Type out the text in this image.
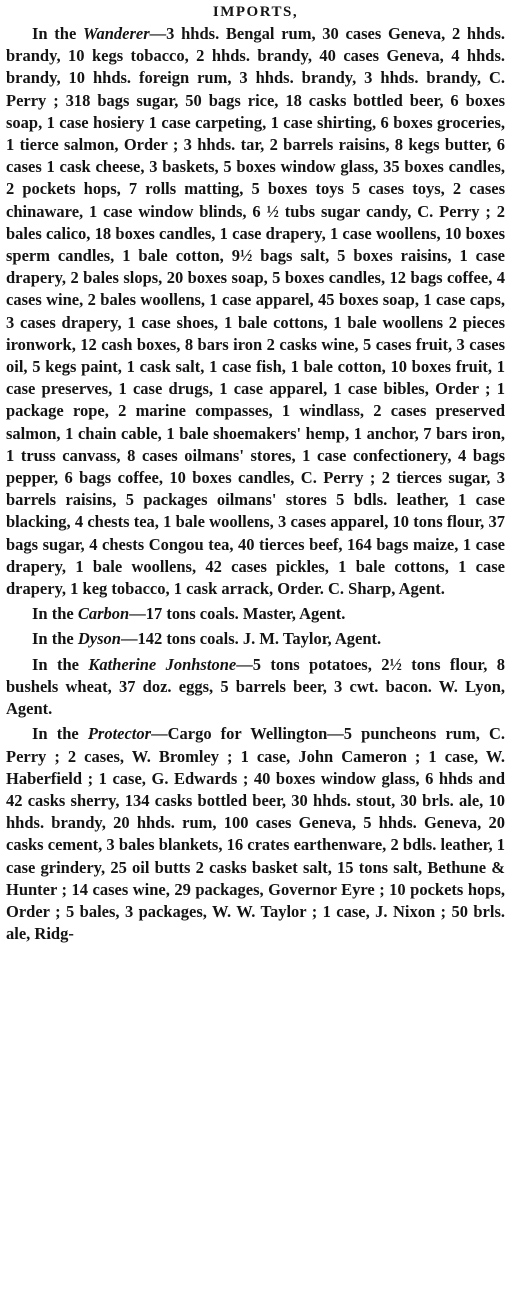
IMPORTS,

In the Wanderer—3 hhds. Bengal rum, 30 cases Geneva, 2 hhds. brandy, 10 kegs tobacco, 2 hhds. brandy, 40 cases Geneva, 4 hhds. brandy, 10 hhds. foreign rum, 3 hhds. brandy, 3 hhds. brandy, C. Perry ; 318 bags sugar, 50 bags rice, 18 casks bottled beer, 6 boxes soap, 1 case hosiery 1 case carpeting, 1 case shirting, 6 boxes groceries, 1 tierce salmon, Order ; 3 hhds. tar, 2 barrels raisins, 8 kegs butter, 6 cases 1 cask cheese, 3 baskets, 5 boxes window glass, 35 boxes candles, 2 pockets hops, 7 rolls matting, 5 boxes toys 5 cases toys, 2 cases chinaware, 1 case window blinds, 6 ½ tubs sugar candy, C. Perry ; 2 bales calico, 18 boxes candles, 1 case drapery, 1 case woollens, 10 boxes sperm candles, 1 bale cotton, 9½ bags salt, 5 boxes raisins, 1 case drapery, 2 bales slops, 20 boxes soap, 5 boxes candles, 12 bags coffee, 4 cases wine, 2 bales woollens, 1 case apparel, 45 boxes soap, 1 case caps, 3 cases drapery, 1 case shoes, 1 bale cottons, 1 bale woollens 2 pieces ironwork, 12 cash boxes, 8 bars iron 2 casks wine, 5 cases fruit, 3 cases oil, 5 kegs paint, 1 cask salt, 1 case fish, 1 bale cotton, 10 boxes fruit, 1 case preserves, 1 case drugs, 1 case apparel, 1 case bibles, Order ; 1 package rope, 2 marine compasses, 1 windlass, 2 cases preserved salmon, 1 chain cable, 1 bale shoemakers' hemp, 1 anchor, 7 bars iron, 1 truss canvass, 8 cases oilmans' stores, 1 case confectionery, 4 bags pepper, 6 bags coffee, 10 boxes candles, C. Perry ; 2 tierces sugar, 3 barrels raisins, 5 packages oilmans' stores 5 bdls. leather, 1 case blacking, 4 chests tea, 1 bale woollens, 3 cases apparel, 10 tons flour, 37 bags sugar, 4 chests Congou tea, 40 tierces beef, 164 bags maize, 1 case drapery, 1 bale woollens, 42 cases pickles, 1 bale cottons, 1 case drapery, 1 keg tobacco, 1 cask arrack, Order. C. Sharp, Agent.

In the Carbon—17 tons coals. Master, Agent.

In the Dyson—142 tons coals. J. M. Taylor, Agent.

In the Katherine Jonhstone—5 tons potatoes, 2½ tons flour, 8 bushels wheat, 37 doz. eggs, 5 barrels beer, 3 cwt. bacon. W. Lyon, Agent.

In the Protector—Cargo for Wellington—5 puncheons rum, C. Perry ; 2 cases, W. Bromley ; 1 case, John Cameron ; 1 case, W. Haberfield ; 1 case, G. Edwards ; 40 boxes window glass, 6 hhds and 42 casks sherry, 134 casks bottled beer, 30 hhds. stout, 30 brls. ale, 10 hhds. brandy, 20 hhds. rum, 100 cases Geneva, 5 hhds. Geneva, 20 casks cement, 3 bales blankets, 16 crates earthenware, 2 bdls. leather, 1 case grindery, 25 oil butts 2 casks basket salt, 15 tons salt, Bethune & Hunter ; 14 cases wine, 29 packages, Governor Eyre ; 10 pockets hops, Order ; 5 bales, 3 packages, W. W. Taylor ; 1 case, J. Nixon ; 50 brls. ale, Ridg-
